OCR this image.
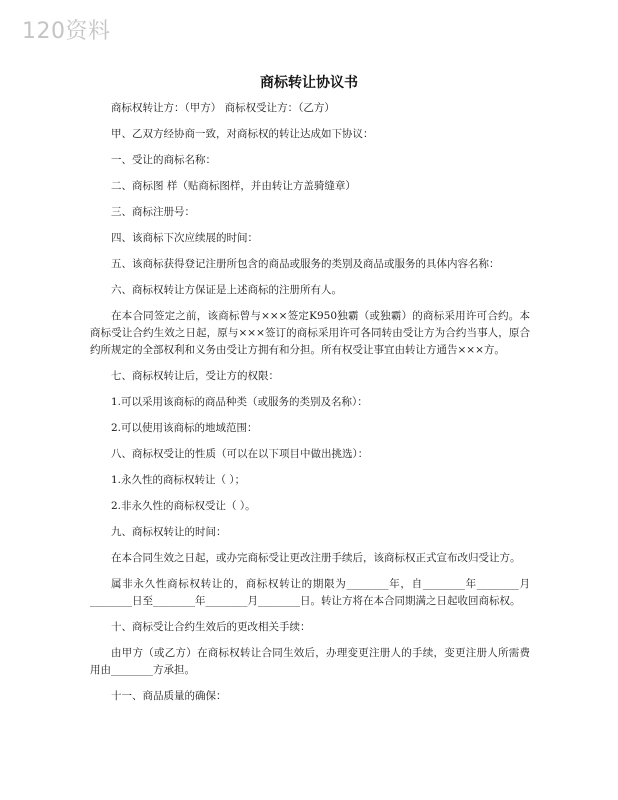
120资料
商标转让协议书

商标权转让方：（甲方） 商标权受让方：（乙方）

甲、乙双方经协商一致，对商标权的转让达成如下协议：

一、受让的商标名称：

二、商标图 样（贴商标图样，并由转让方盖骑缝章）

三、商标注册号：

四、该商标下次应续展的时间：

五、该商标获得登记注册所包含的商品或服务的类别及商品或服务的具体内容名称：

六、商标权转让方保证是上述商标的注册所有人。

在本合同签定之前，该商标曾与×××签定K950独霸（或独霸）的商标采用许可合约。本商标受让合约生效之日起，原与×××签订的商标采用许可各同转由受让方为合约当事人，原合约所规定的全部权利和义务由受让方拥有和分担。所有权受让事宜由转让方通告×××方。

七、商标权转让后，受让方的权限：

1.可以采用该商标的商品种类（或服务的类别及名称）：

2.可以使用该商标的地域范围：

八、商标权受让的性质（可以在以下项目中做出挑选）：

1.永久性的商标权转让（ ）；

2.非永久性的商标权受让（ ）。

九、商标权转让的时间：

在本合同生效之日起，或办完商标受让更改注册手续后，该商标权正式宣布改归受让方。

属非永久性商标权转让的，商标权转让的期限为________年，自________年________月________日至________年________月________日。转让方将在本合同期满之日起收回商标权。

十、商标受让合约生效后的更改相关手续：

由甲方（或乙方）在商标权转让合同生效后，办理变更注册人的手续，变更注册人所需费用由________方承担。

十一、商品质量的确保：
